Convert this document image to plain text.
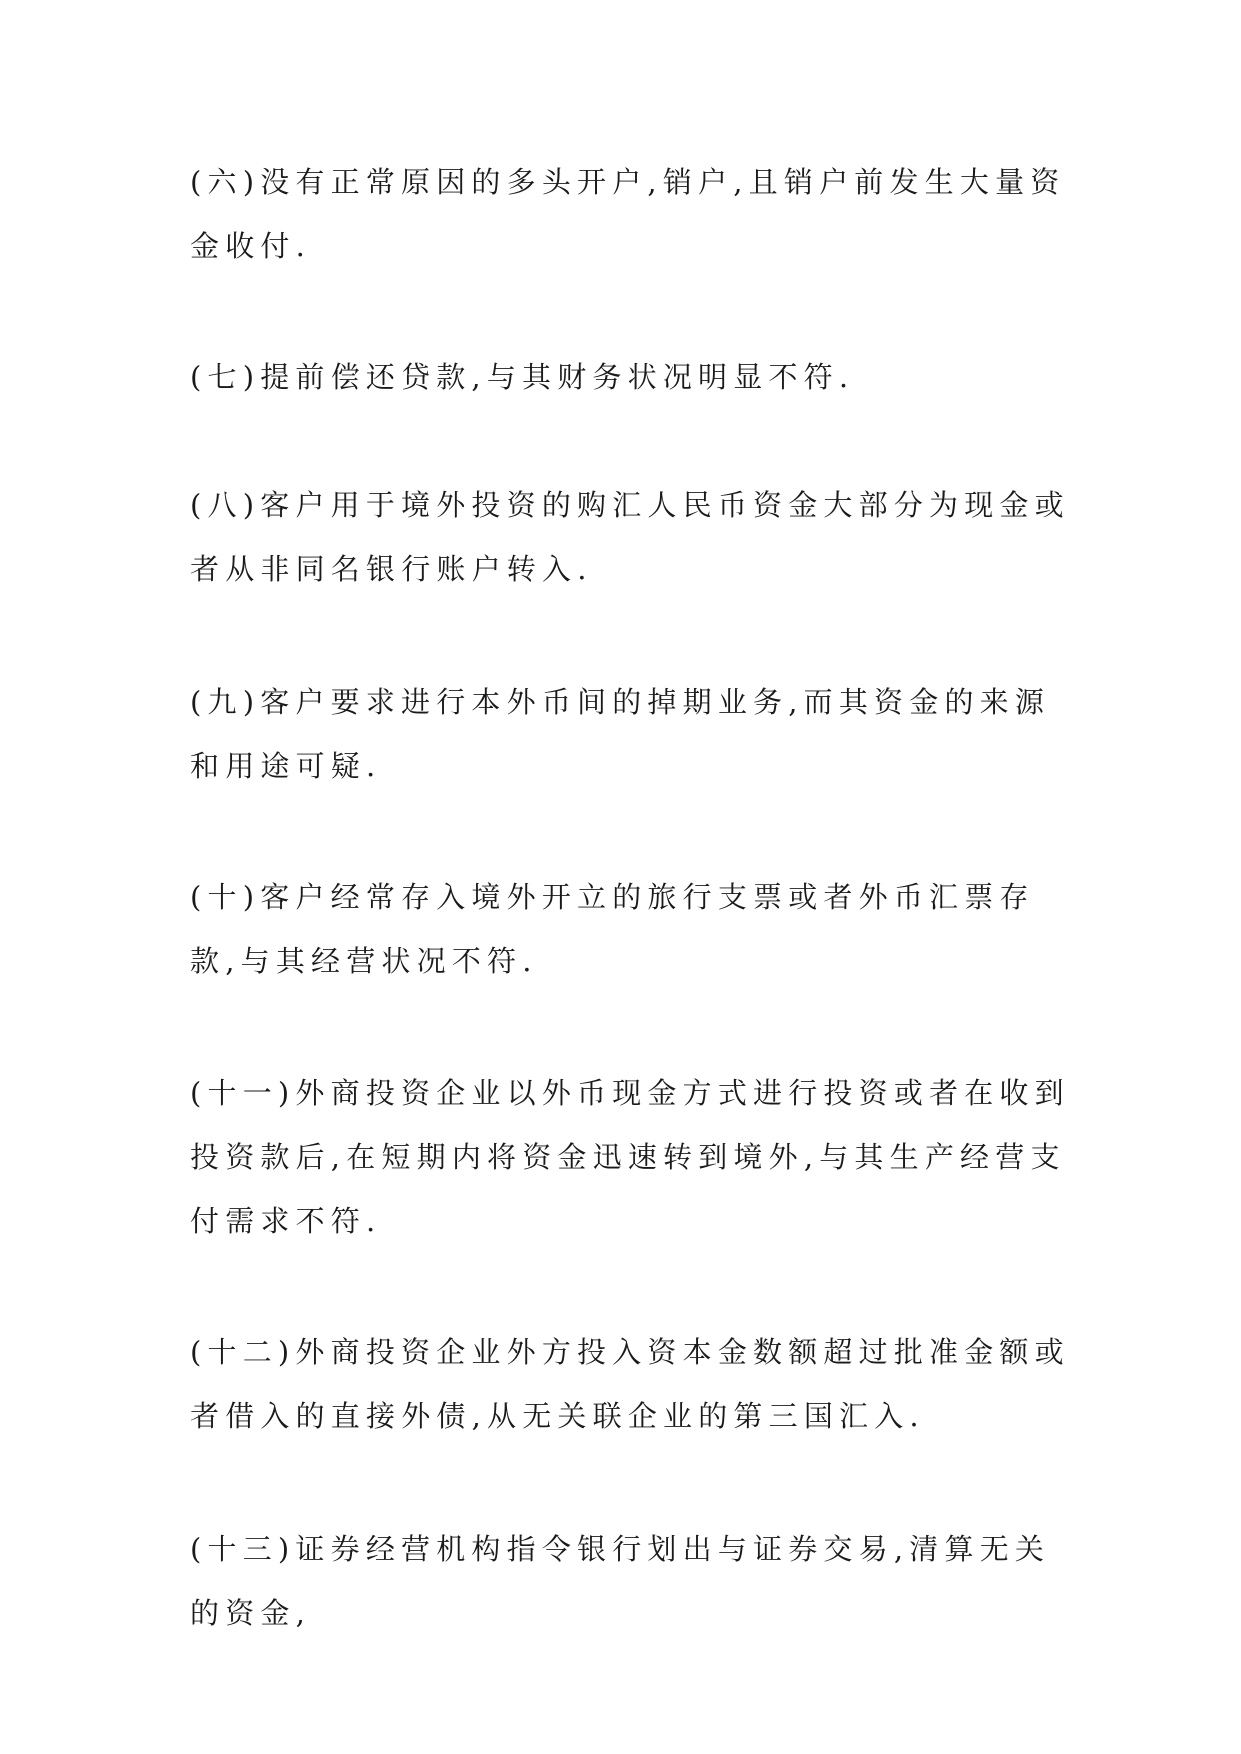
(六)没有正常原因的多头开户,销户,且销户前发生大量资金收付.

(七)提前偿还贷款,与其财务状况明显不符.

(八)客户用于境外投资的购汇人民币资金大部分为现金或者从非同名银行账户转入.

(九)客户要求进行本外币间的掉期业务,而其资金的来源和用途可疑.

(十)客户经常存入境外开立的旅行支票或者外币汇票存款,与其经营状况不符.

(十一)外商投资企业以外币现金方式进行投资或者在收到投资款后,在短期内将资金迅速转到境外,与其生产经营支付需求不符.

(十二)外商投资企业外方投入资本金数额超过批准金额或者借入的直接外债,从无关联企业的第三国汇入.

(十三)证券经营机构指令银行划出与证券交易,清算无关的资金,
